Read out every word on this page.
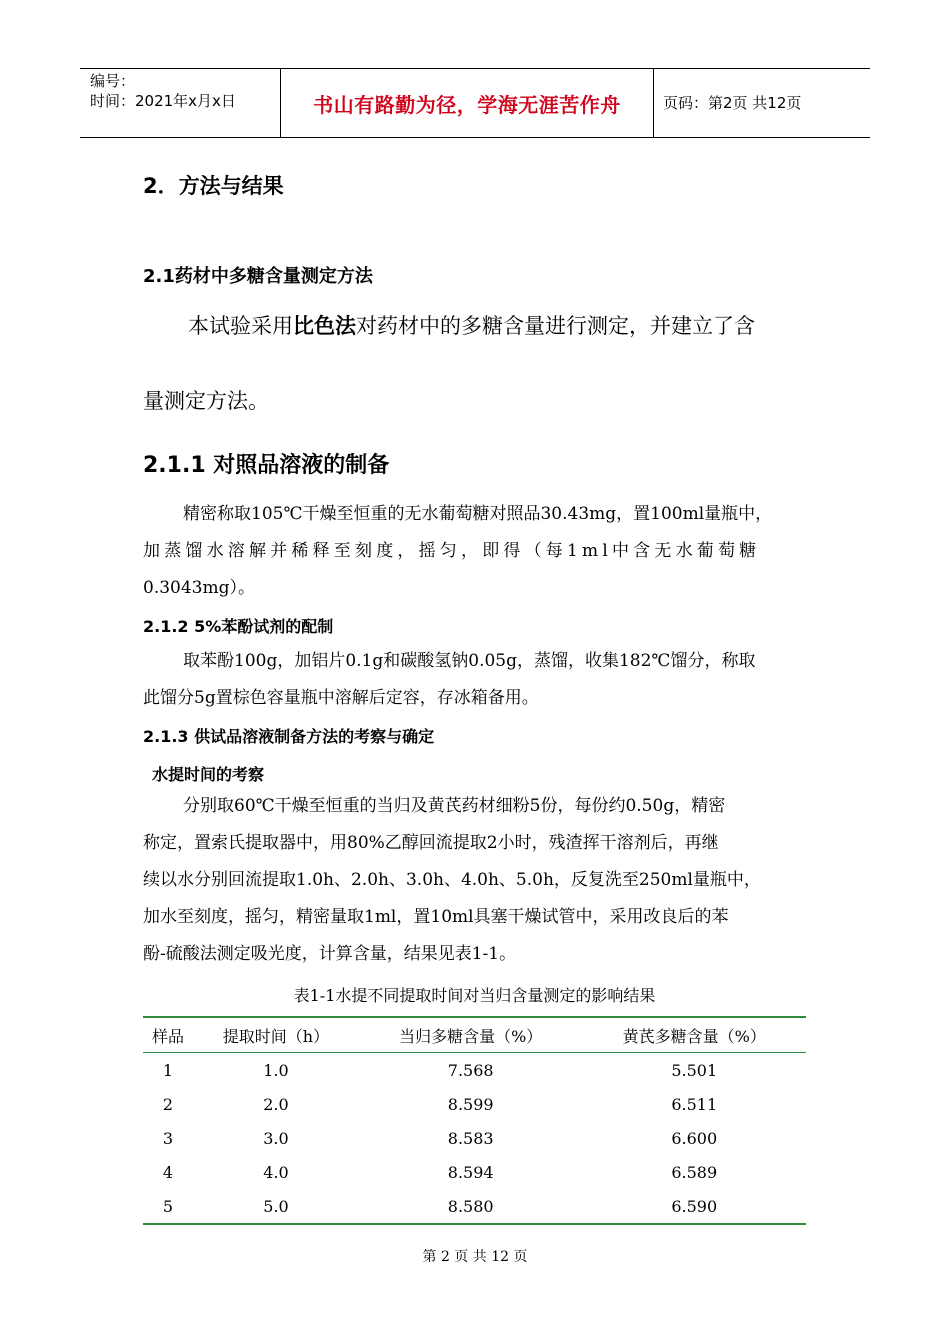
编号：
时间：2021年x月x日	书山有路勤为径，学海无涯苦作舟	页码：第2页 共12页
2．方法与结果
2.1药材中多糖含量测定方法
本试验采用比色法对药材中的多糖含量进行测定，并建立了含
量测定方法。
2.1.1 对照品溶液的制备
精密称取105℃干燥至恒重的无水葡萄糖对照品30.43mg，置100ml量瓶中，
加蒸馏水溶解并稀释至刻度，摇匀，即得（每1ml中含无水葡萄糖
0.3043mg）。
2.1.2 5%苯酚试剂的配制
取苯酚100g，加铝片0.1g和碳酸氢钠0.05g，蒸馏，收集182℃馏分，称取
此馏分5g置棕色容量瓶中溶解后定容，存冰箱备用。
2.1.3 供试品溶液制备方法的考察与确定
水提时间的考察
分别取60℃干燥至恒重的当归及黄芪药材细粉5份，每份约0.50g，精密
称定，置索氏提取器中，用80%乙醇回流提取2小时，残渣挥干溶剂后，再继
续以水分别回流提取1.0h、2.0h、3.0h、4.0h、5.0h，反复洗至250ml量瓶中，
加水至刻度，摇匀，精密量取1ml，置10ml具塞干燥试管中，采用改良后的苯
酚-硫酸法测定吸光度，计算含量，结果见表1-1。
表1-1水提不同提取时间对当归含量测定的影响结果
样品	提取时间（h）	当归多糖含量（%）	黄芪多糖含量（%）
1	1.0	7.568	5.501
2	2.0	8.599	6.511
3	3.0	8.583	6.600
4	4.0	8.594	6.589
5	5.0	8.580	6.590
第 2 页 共 12 页
